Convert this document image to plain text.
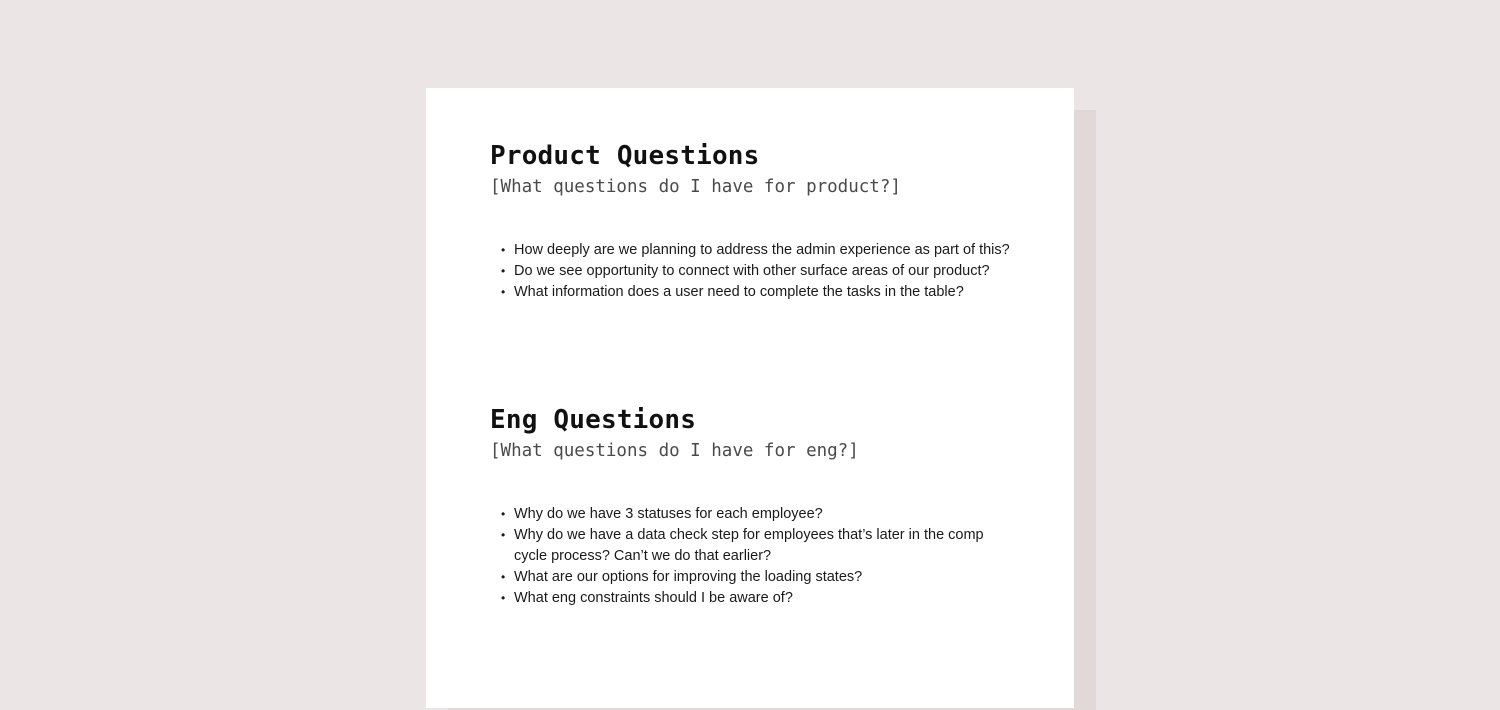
Product Questions

[What questions do I have for product?]

• How deeply are we planning to address the admin experience as part of this?
• Do we see opportunity to connect with other surface areas of our product?
• What information does a user need to complete the tasks in the table?
Eng Questions

[What questions do I have for eng?]

• Why do we have 3 statuses for each employee?
• Why do we have a data check step for employees that’s later in the comp cycle process? Can’t we do that earlier?
• What are our options for improving the loading states?
• What eng constraints should I be aware of?
